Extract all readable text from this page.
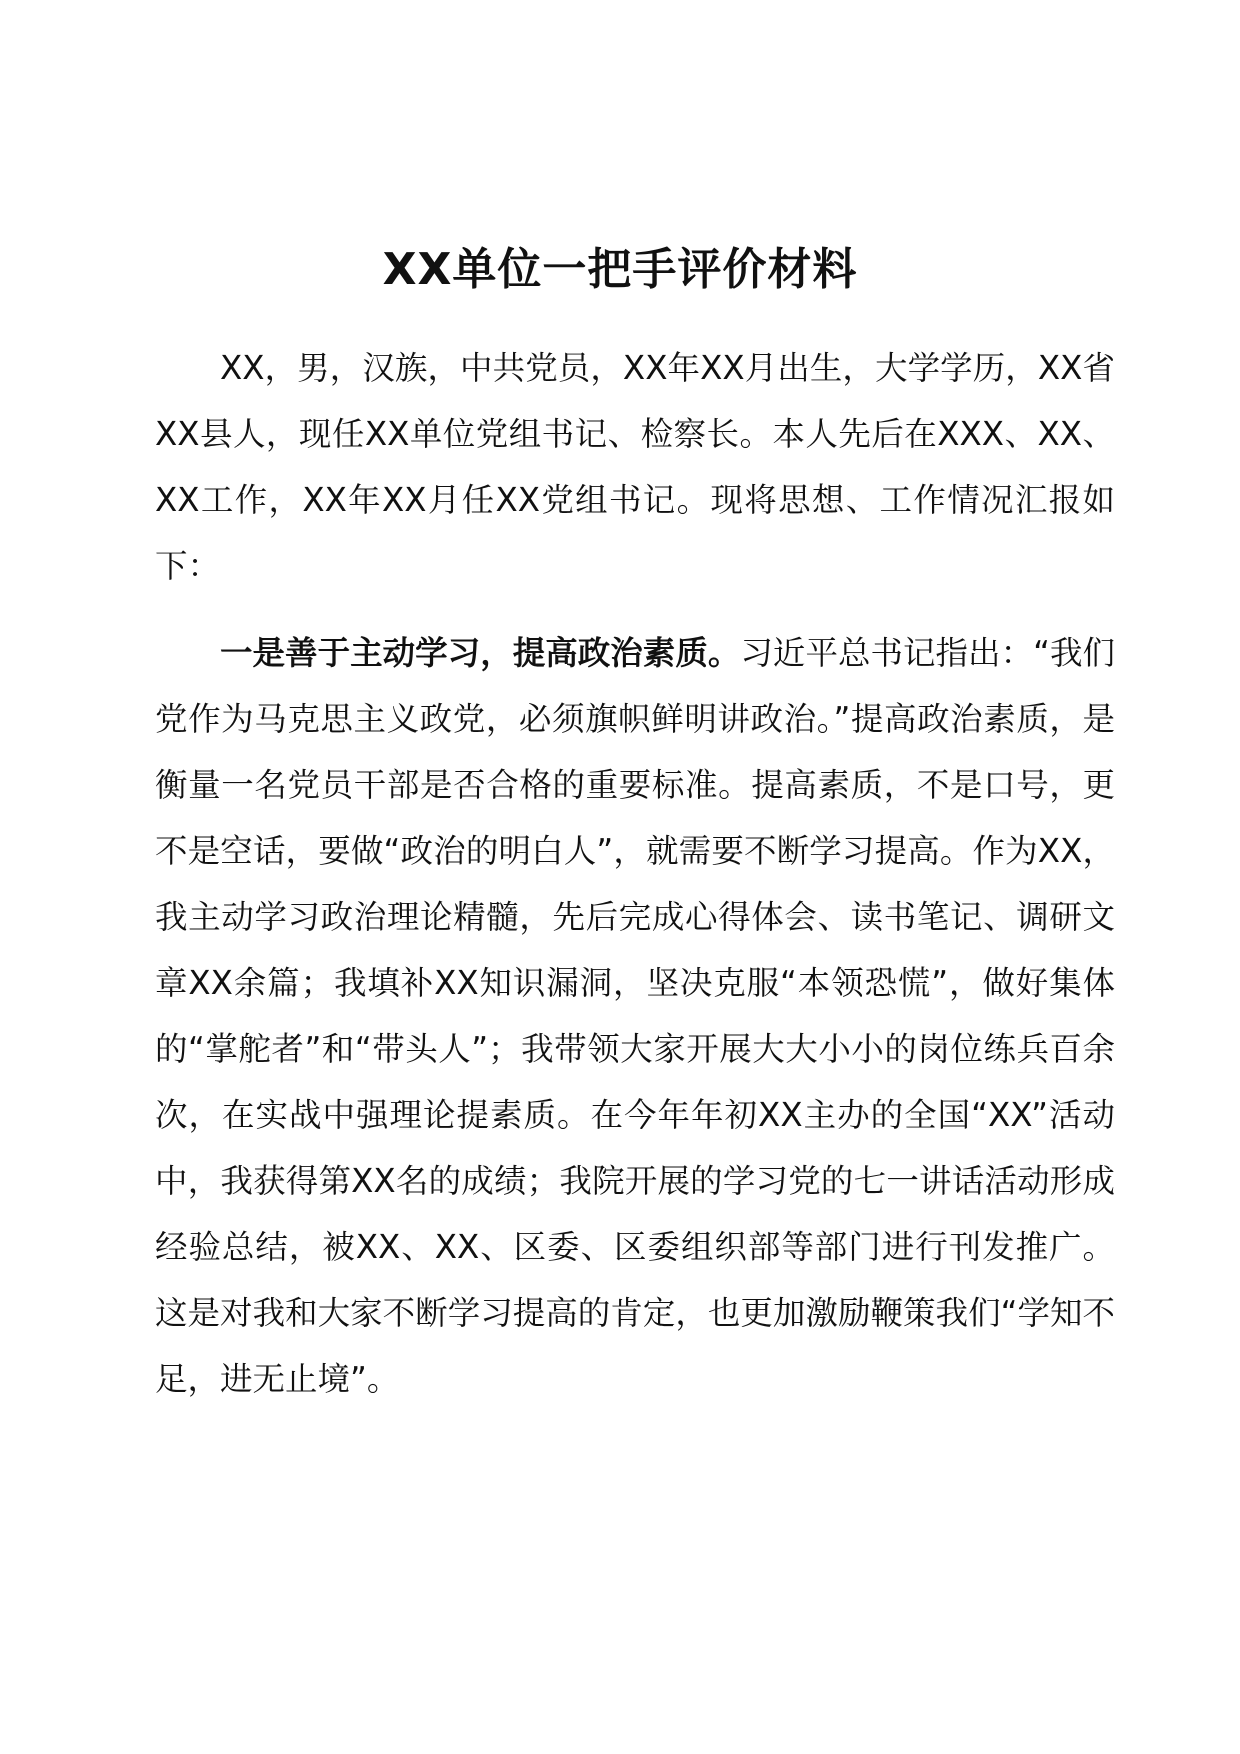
XX单位一把手评价材料

XX，男，汉族，中共党员，XX年XX月出生，大学学历，XX省XX县人，现任XX单位党组书记、检察长。本人先后在XXX、XX、XX工作，XX年XX月任XX党组书记。现将思想、工作情况汇报如下：

一是善于主动学习，提高政治素质。习近平总书记指出：“我们党作为马克思主义政党，必须旗帜鲜明讲政治。”提高政治素质，是衡量一名党员干部是否合格的重要标准。提高素质，不是口号，更不是空话，要做“政治的明白人”，就需要不断学习提高。作为XX，我主动学习政治理论精髓，先后完成心得体会、读书笔记、调研文章XX余篇；我填补XX知识漏洞，坚决克服“本领恐慌”，做好集体的“掌舵者”和“带头人”；我带领大家开展大大小小的岗位练兵百余次，在实战中强理论提素质。在今年年初XX主办的全国“XX”活动中，我获得第XX名的成绩；我院开展的学习党的七一讲话活动形成经验总结，被XX、XX、区委、区委组织部等部门进行刊发推广。这是对我和大家不断学习提高的肯定，也更加激励鞭策我们“学知不足，进无止境”。
